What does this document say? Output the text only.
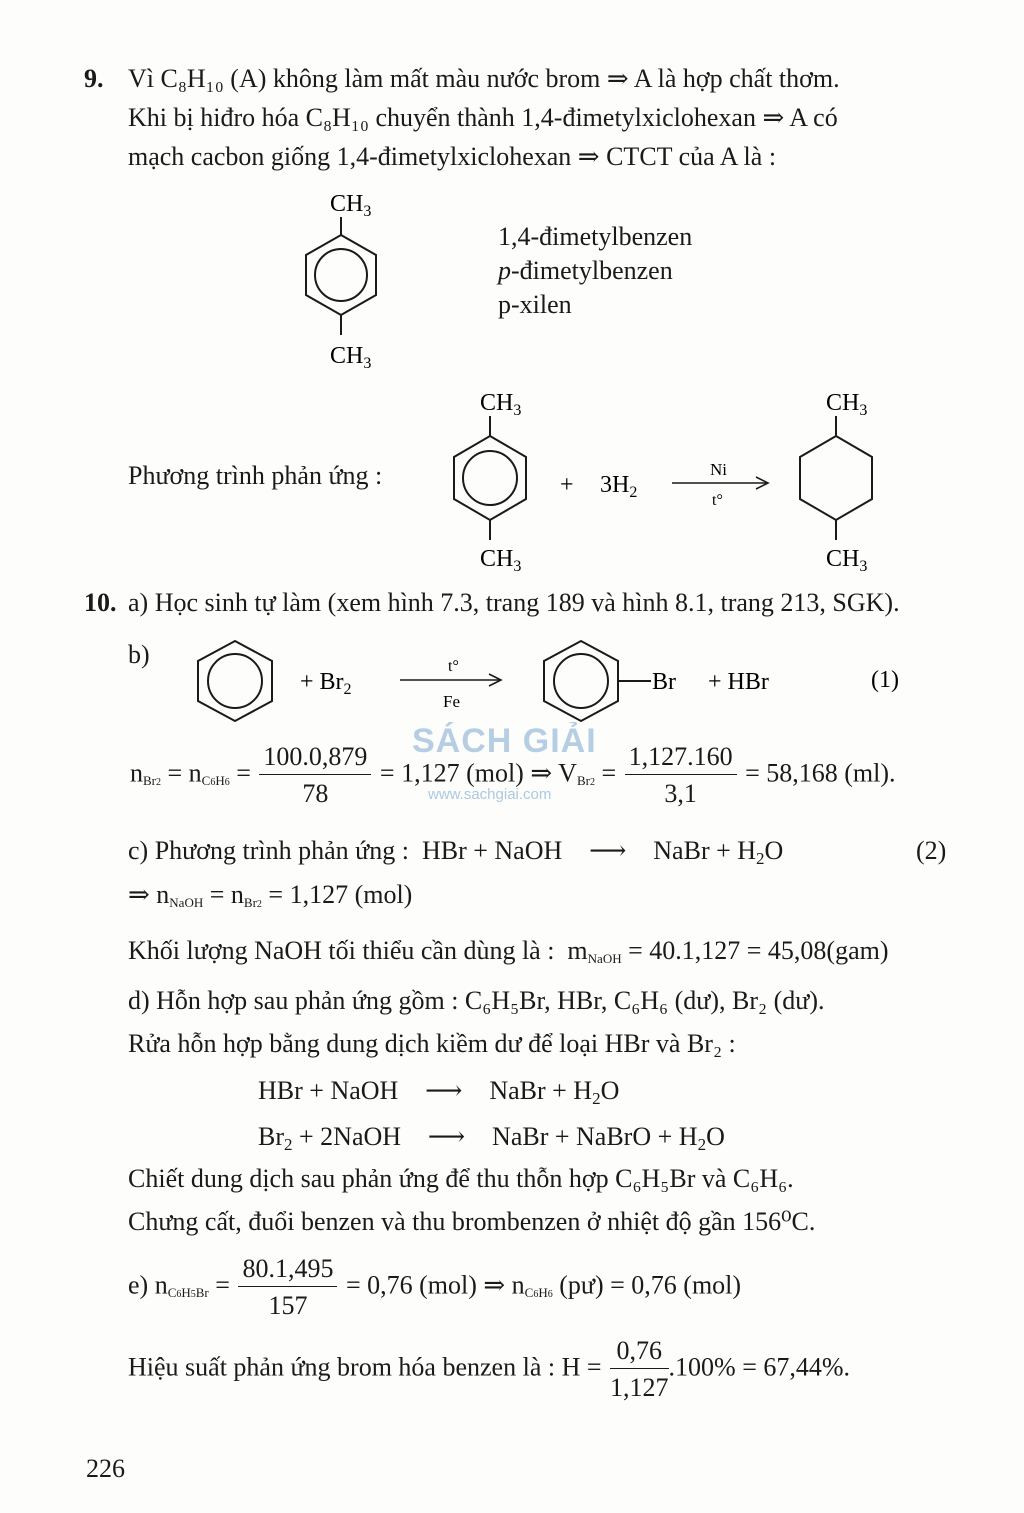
9. Vì C₈H₁₀ (A) không làm mất màu nước brom ⇒ A là hợp chất thơm.
Khi bị hiđro hóa C₈H₁₀ chuyển thành 1,4-đimetylxiclohexan ⇒ A có
mạch cacbon giống 1,4-đimetylxiclohexan ⇒ CTCT của A là :
$CH_3$
$CH_3$
1,4-đimetylbenzen
p-đimetylbenzen
p-xilen
Phương trình phản ứng :
$CH_3$
$CH_3$
+ $3H_2$
Ni
t°
$CH_3$
$CH_3$
10. a) Học sinh tự làm (xem hình 7.3, trang 189 và hình 8.1, trang 213, SGK).
b)
+ $Br_2$
t°
Fe
Br + HBr	(1)
SÁCH GIẢI
www.sachgiai.com
$nBr2 = nC6H6 = \frac{100.0,879}{78} = 1,127$ (mol) ⇒ $VBr2 = \frac{1,127.160}{3,1} = 58,168$ (ml).
c) Phương trình phản ứng :  HBr + NaOH ⟶ NaBr + $H_2O$	(2)
⇒ nNaOH = nBr2 = 1,127 (mol)
Khối lượng NaOH tối thiểu cần dùng là :  mNaOH = 40.1,127 = 45,08(gam)
d) Hỗn hợp sau phản ứng gồm : C₆H₅Br, HBr, C₆H₆ (dư), Br₂ (dư).
Rửa hỗn hợp bằng dung dịch kiềm dư để loại HBr và Br₂ :
HBr + NaOH ⟶ NaBr + $H_2O$
$Br_2$ + 2NaOH ⟶ NaBr + NaBrO + $H_2O$
Chiết dung dịch sau phản ứng để thu thỗn hợp C₆H₅Br và C₆H₆.
Chưng cất, đuổi benzen và thu brombenzen ở nhiệt độ gần 156⁰C.
e) $nC6H5Br = \frac{80.1,495}{157} = 0,76$ (mol) ⇒ nC6H6 (pư) = 0,76 (mol)
Hiệu suất phản ứng brom hóa benzen là : $H = \frac{0,76}{1,127} .100\% = 67,44\%$.
226
